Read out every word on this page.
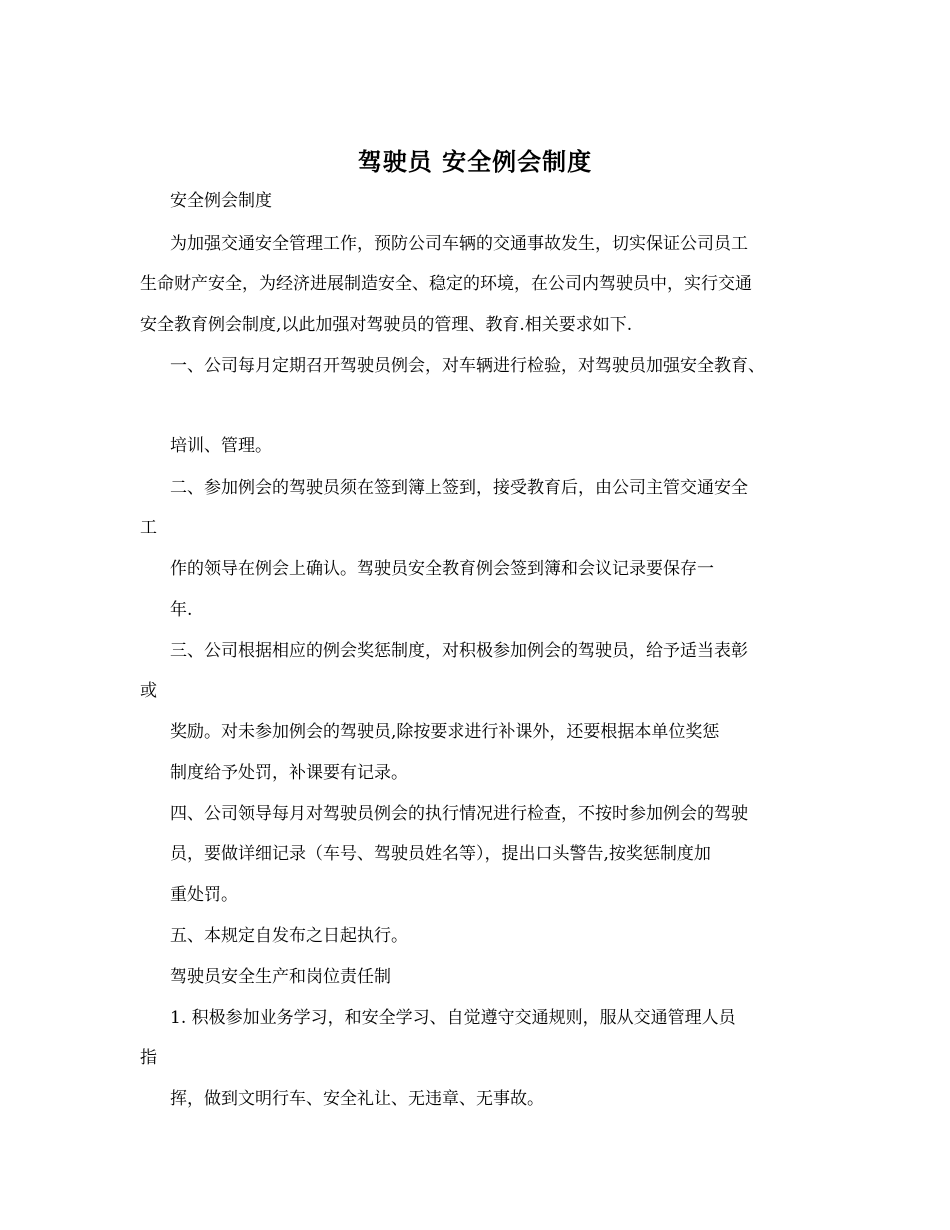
驾驶员 安全例会制度
安全例会制度
为加强交通安全管理工作，预防公司车辆的交通事故发生，切实保证公司员工
生命财产安全，为经济进展制造安全、稳定的环境，在公司内驾驶员中，实行交通
安全教育例会制度,以此加强对驾驶员的管理、教育.相关要求如下.
一、公司每月定期召开驾驶员例会，对车辆进行检验，对驾驶员加强安全教育、
培训、管理。
二、参加例会的驾驶员须在签到簿上签到，接受教育后，由公司主管交通安全
工
作的领导在例会上确认。驾驶员安全教育例会签到簿和会议记录要保存一
年.
三、公司根据相应的例会奖惩制度，对积极参加例会的驾驶员，给予适当表彰
或
奖励。对未参加例会的驾驶员,除按要求进行补课外，还要根据本单位奖惩
制度给予处罚，补课要有记录。
四、公司领导每月对驾驶员例会的执行情况进行检查，不按时参加例会的驾驶
员，要做详细记录（车号、驾驶员姓名等），提出口头警告,按奖惩制度加
重处罚。
五、本规定自发布之日起执行。
驾驶员安全生产和岗位责任制
1. 积极参加业务学习，和安全学习、自觉遵守交通规则，服从交通管理人员
指
挥，做到文明行车、安全礼让、无违章、无事故。
